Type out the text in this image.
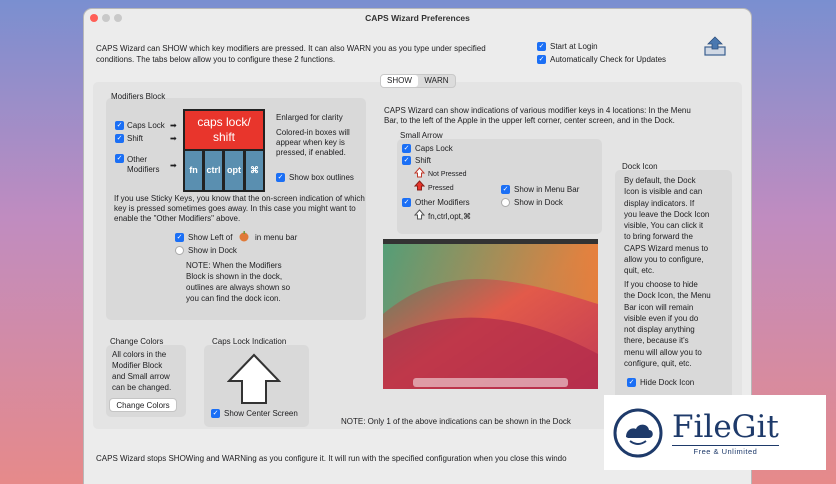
CAPS Wizard Preferences
CAPS Wizard can SHOW which key modifiers are pressed. It can also WARN you as you type under specified
conditions. The tabs below allow you to configure these 2 functions.
✓ Start at Login
✓ Automatically Check for Updates
SHOW	WARN
Modifiers Block
✓ Caps Lock ➡
✓ Shift	➡
✓ Other
Modifiers ➡
caps lock/
shift
fn ctrl opt	⌘
Enlarged for clarity
Colored-in boxes will
appear when key is
pressed, if enabled.
✓ Show box outlines
If you use Sticky Keys, you know that the on-screen indication of which
key is pressed sometimes goes away. In this case you might want to
enable the "Other Modifiers" above.
✓ Show Left of	in menu bar
Show in Dock
NOTE: When the Modifiers
Block is shown in the dock,
outlines are always shown so
you can find the dock icon.
Change Colors
All colors in the
Modifier Block
and Small arrow
can be changed.
Change Colors
Caps Lock Indication
✓ Show Center Screen
CAPS Wizard can show indications of various modifier keys in 4 locations: In the Menu
Bar, to the left of the Apple in the upper left corner, center screen, and in the Dock.
Small Arrow
✓ Caps Lock
✓ Shift
Not Pressed
Pressed	✓ Show in Menu Bar
Show in Dock
✓ Other Modifiers
fn,ctrl,opt,⌘
Dock Icon
By default, the Dock
Icon is visible and can
display indicators. If
you leave the Dock Icon
visible, You can click it
to bring forward the
CAPS Wizard menus to
allow you to configure,
quit, etc.
If you choose to hide
the Dock Icon, the Menu
Bar icon will remain
visible even if you do
not display anything
there, because it's
menu will allow you to
configure, quit, etc.
✓ Hide Dock Icon
NOTE: Only 1 of the above indications can be shown in the Dock
CAPS Wizard stops SHOWing and WARNing as you configure it. It will run with the specified configuration when you close this windo
FileGit
Free & Unlimited
